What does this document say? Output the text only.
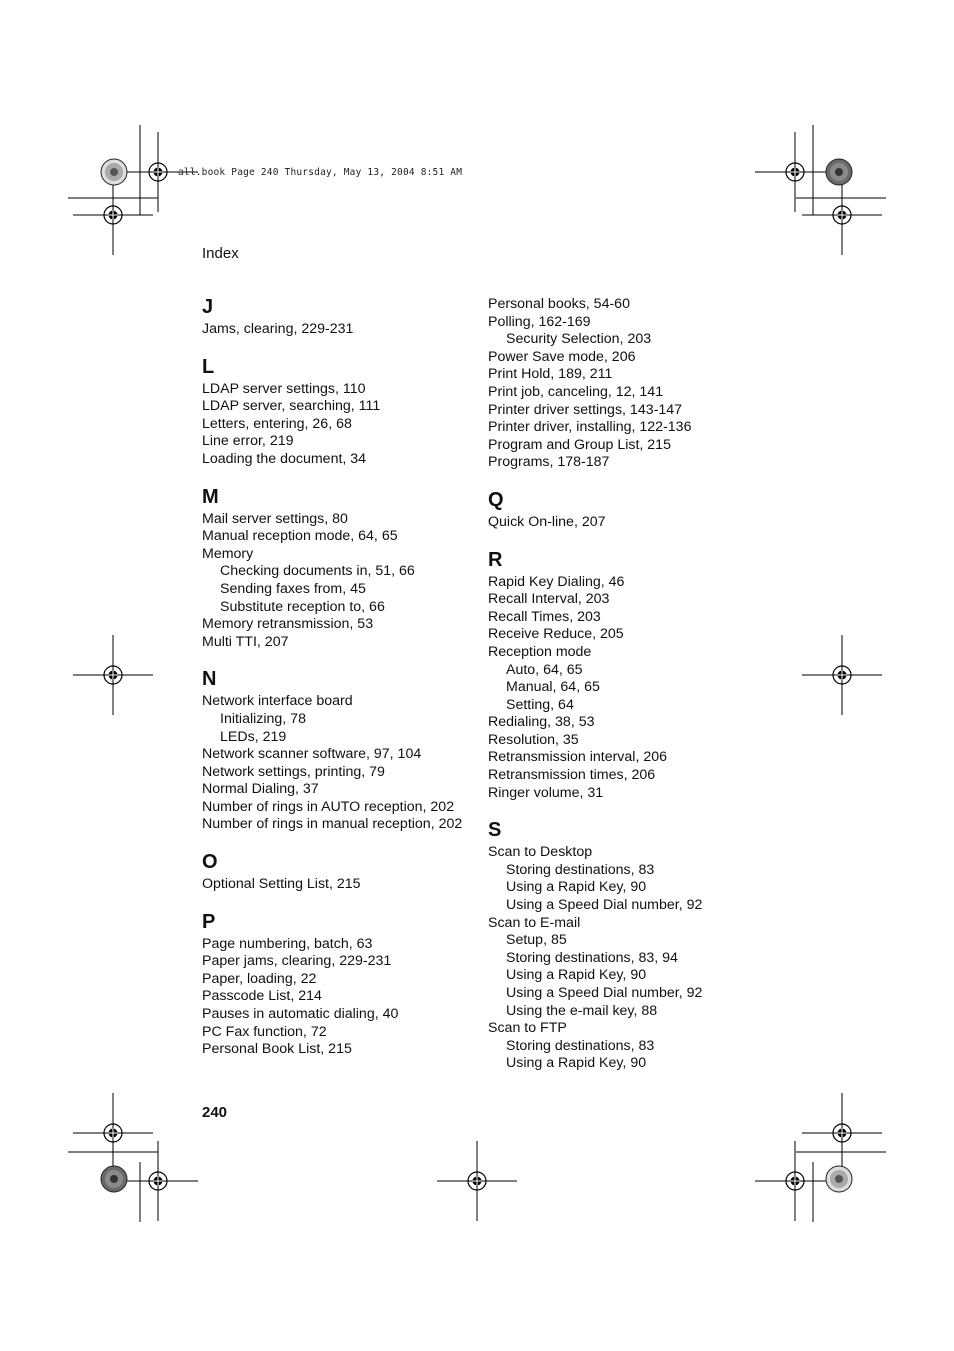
all.book Page 240 Thursday, May 13, 2004 8:51 AM
Index
J
Jams, clearing, 229-231
L
LDAP server settings, 110
LDAP server, searching, 111
Letters, entering, 26, 68
Line error, 219
Loading the document, 34
M
Mail server settings, 80
Manual reception mode, 64, 65
Memory
Checking documents in, 51, 66
Sending faxes from, 45
Substitute reception to, 66
Memory retransmission, 53
Multi TTI, 207
N
Network interface board
Initializing, 78
LEDs, 219
Network scanner software, 97, 104
Network settings, printing, 79
Normal Dialing, 37
Number of rings in AUTO reception, 202
Number of rings in manual reception, 202
O
Optional Setting List, 215
P
Page numbering, batch, 63
Paper jams, clearing, 229-231
Paper, loading, 22
Passcode List, 214
Pauses in automatic dialing, 40
PC Fax function, 72
Personal Book List, 215
Personal books, 54-60
Polling, 162-169
Security Selection, 203
Power Save mode, 206
Print Hold, 189, 211
Print job, canceling, 12, 141
Printer driver settings, 143-147
Printer driver, installing, 122-136
Program and Group List, 215
Programs, 178-187
Q
Quick On-line, 207
R
Rapid Key Dialing, 46
Recall Interval, 203
Recall Times, 203
Receive Reduce, 205
Reception mode
Auto, 64, 65
Manual, 64, 65
Setting, 64
Redialing, 38, 53
Resolution, 35
Retransmission interval, 206
Retransmission times, 206
Ringer volume, 31
S
Scan to Desktop
Storing destinations, 83
Using a Rapid Key, 90
Using a Speed Dial number, 92
Scan to E-mail
Setup, 85
Storing destinations, 83, 94
Using a Rapid Key, 90
Using a Speed Dial number, 92
Using the e-mail key, 88
Scan to FTP
Storing destinations, 83
Using a Rapid Key, 90
240
